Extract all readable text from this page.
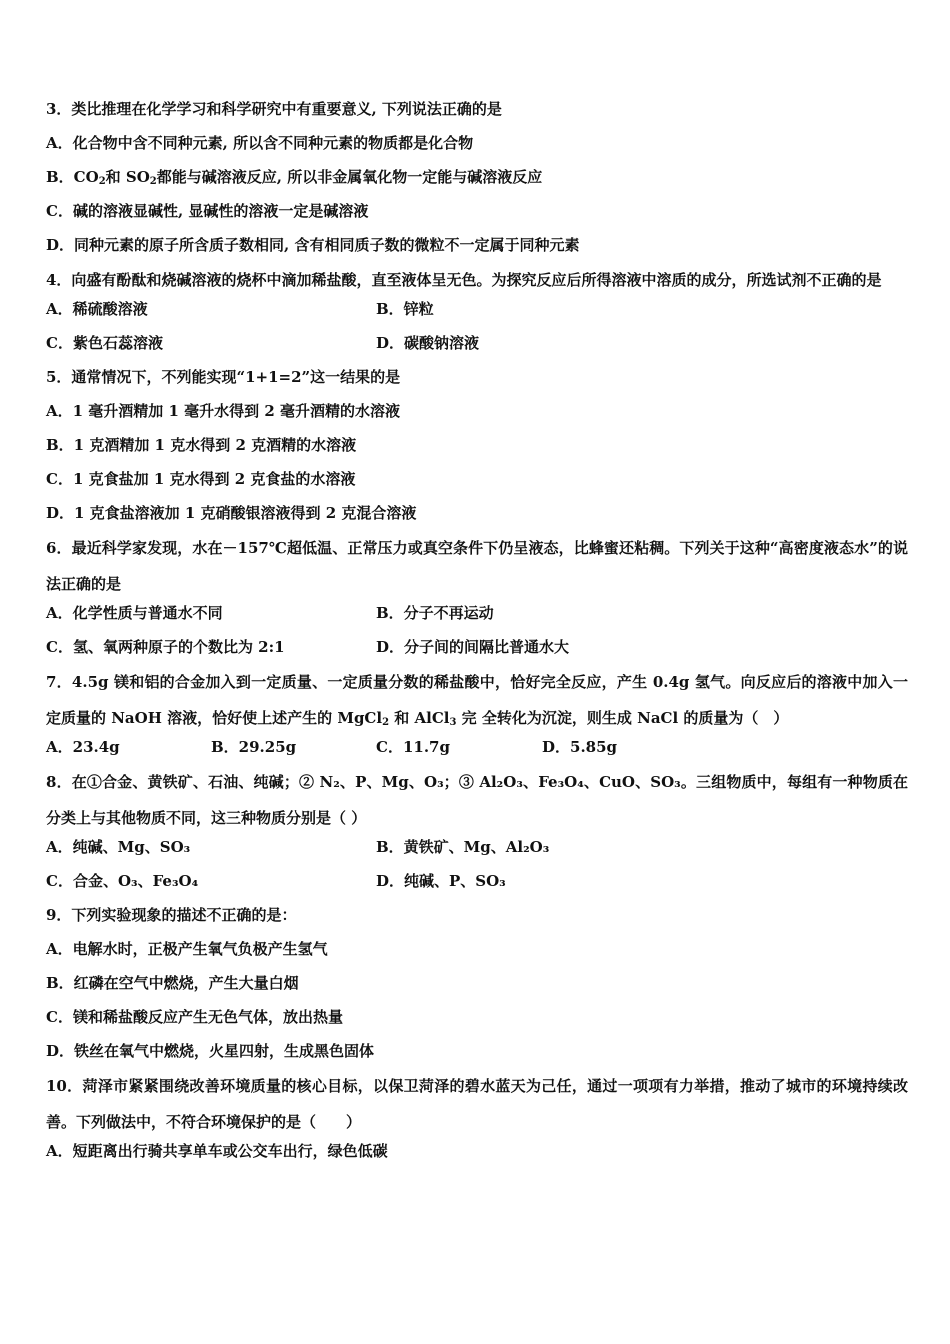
3．类比推理在化学学习和科学研究中有重要意义, 下列说法正确的是
A．化合物中含不同种元素, 所以含不同种元素的物质都是化合物
B．$CO_2$和 $SO_2$都能与碱溶液反应, 所以非金属氧化物一定能与碱溶液反应
C．碱的溶液显碱性, 显碱性的溶液一定是碱溶液
D．同种元素的原子所含质子数相同, 含有相同质子数的微粒不一定属于同种元素
4．向盛有酚酞和烧碱溶液的烧杯中滴加稀盐酸，直至液体呈无色。为探究反应后所得溶液中溶质的成分，所选试剂不正确的是
A．稀硫酸溶液	B．锌粒
C．紫色石蕊溶液	D．碳酸钠溶液
5．通常情况下，不列能实现“1+1=2”这一结果的是
A．1 毫升酒精加 1 毫升水得到 2 毫升酒精的水溶液
B．1 克酒精加 1 克水得到 2 克酒精的水溶液
C．1 克食盐加 1 克水得到 2 克食盐的水溶液
D．1 克食盐溶液加 1 克硝酸银溶液得到 2 克混合溶液
6．最近科学家发现，水在－157℃超低温、正常压力或真空条件下仍呈液态，比蜂蜜还粘稠。下列关于这种“高密度液态水”的说法正确的是
A．化学性质与普通水不同	B．分子不再运动
C．氢、氧两种原子的个数比为 2:1	D．分子间的间隔比普通水大
7．4.5g 镁和铝的合金加入到一定质量、一定质量分数的稀盐酸中，恰好完全反应，产生 0.4g 氢气。向反应后的溶液中加入一定质量的 NaOH 溶液，恰好使上述产生的 MgCl$_2$ 和 AlCl$_3$ 完 全转化为沉淀，则生成 NaCl 的质量为（　）
A．23.4g	B．29.25g	C．11.7g	D．5.85g
8．在①合金、黄铁矿、石油、纯碱；② N₂、P、Mg、O₃；③ Al₂O₃、Fe₃O₄、CuO、SO₃。三组物质中，每组有一种物质在分类上与其他物质不同，这三种物质分别是（ ）
A．纯碱、Mg、SO₃	B．黄铁矿、Mg、Al₂O₃
C．合金、O₃、Fe₃O₄	D．纯碱、P、SO₃
9．下列实验现象的描述不正确的是：
A．电解水时，正极产生氧气负极产生氢气
B．红磷在空气中燃烧，产生大量白烟
C．镁和稀盐酸反应产生无色气体，放出热量
D．铁丝在氧气中燃烧，火星四射，生成黑色固体
10．菏泽市紧紧围绕改善环境质量的核心目标，以保卫菏泽的碧水蓝天为己任，通过一项项有力举措，推动了城市的环境持续改善。下列做法中，不符合环境保护的是（　　）
A．短距离出行骑共享单车或公交车出行，绿色低碳
